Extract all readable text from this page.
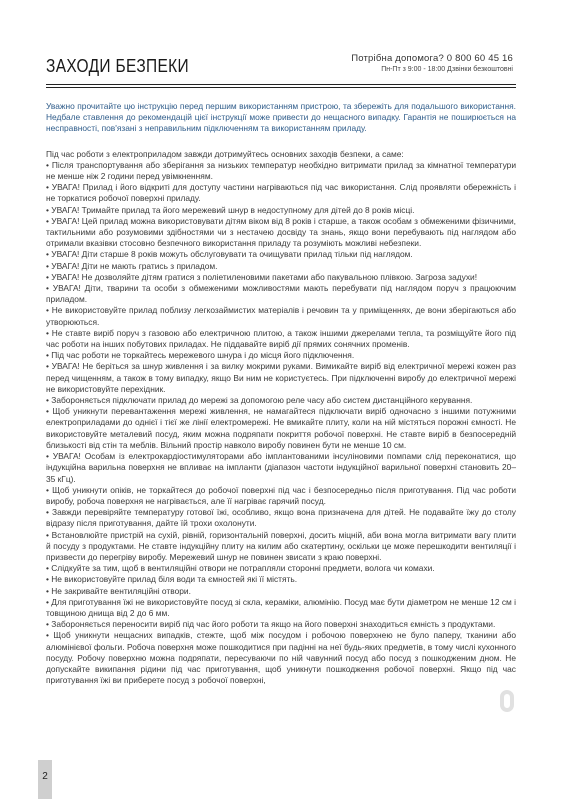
ЗАХОДИ БЕЗПЕКИ	Потрібна допомога? 0 800 60 45 16
Пн-Пт з 9:00 - 18:00 Дзвінки безкоштовні

Уважно прочитайте цю інструкцію перед першим використанням пристрою, та збережіть для подальшого використання. Недбале ставлення до рекомендацій цієї інструкції може привести до нещасного випадку. Гарантія не поширюється на несправності, пов'язані з неправильним підключенням та використанням приладу.

Під час роботи з електроприладом завжди дотримуйтесь основних заходів безпеки, а саме:

• Після транспортування або зберігання за низьких температур необхідно витримати прилад за кімнатної температури не менше ніж 2 години перед увімкненням.
• УВАГА! Прилад і його відкриті для доступу частини нагріваються під час використання. Слід проявляти обережність і не торкатися робочої поверхні приладу.
• УВАГА! Тримайте прилад та його мережевий шнур в недоступному для дітей до 8 років місці.
• УВАГА! Цей прилад можна використовувати дітям віком від 8 років і старше, а також особам з обмеженими фізичними, тактильними або розумовими здібностями чи з нестачею досвіду та знань, якщо вони перебувають під наглядом або отримали вказівки стосовно безпечного використання приладу та розуміють можливі небезпеки.
• УВАГА! Діти старше 8 років можуть обслуговувати та очищувати прилад тільки під наглядом.
• УВАГА! Діти не мають гратись з приладом.
• УВАГА! Не дозволяйте дітям гратися з поліетиленовими пакетами або пакувальною плівкою. Загроза задухи!
• УВАГА! Діти, тварини та особи з обмеженими можливостями мають перебувати під наглядом поруч з працюючим приладом.
• Не використовуйте прилад поблизу легкозаймистих матеріалів і речовин та у приміщеннях, де вони зберігаються або утворюються.
• Не ставте виріб поруч з газовою або електричною плитою, а також іншими джерелами тепла, та розміщуйте його під час роботи на інших побутових приладах. Не піддавайте виріб дії прямих сонячних променів.
• Під час роботи не торкайтесь мережевого шнура і до місця його підключення.
• УВАГА! Не берiться за шнур живлення і за вилку мокрими руками. Вимикайте виріб від електричної мережі кожен раз перед чищенням, а також в тому випадку, якщо Ви ним не користуєтесь. При підключенні виробу до електричної мережі не використовуйте перехідник.
• Забороняється підключати прилад до мережі за допомогою реле часу або систем дистанційного керування.
• Щоб уникнути перевантаження мережі живлення, не намагайтеся підключати виріб одночасно з іншими потужними електроприладами до однієї і тієї же лінії електромережі. Не вмикайте плиту, коли на ній містяться порожні ємності. Не використовуйте металевий посуд, яким можна подряпати покриття робочої поверхні. Не ставте виріб в безпосередній близькості від стін та меблів. Вільний простір навколо виробу повинен бути не менше 10 см.
• УВАГА! Особам із електрокардіостимуляторами або імплантованими інсуліновими помпами слід переконатися, що індукційна варильна поверхня не впливає на імпланти (діапазон частоти індукційної варильної поверхні становить 20–35 кГц).
• Щоб уникнути опіків, не торкайтеся до робочої поверхні під час і безпосередньо після приготування. Під час роботи виробу, робоча поверхня не нагрівається, але її нагріває гарячий посуд.
• Завжди перевіряйте температуру готової їжі, особливо, якщо вона призначена для дітей. Не подавайте їжу до столу відразу після приготування, дайте їй трохи охолонути.
• Встановлюйте пристрій на сухій, рівній, горизонтальній поверхні, досить міцній, аби вона могла витримати вагу плити й посуду з продуктами. Не ставте індукційну плиту на килим або скатертину, оскільки це може перешкодити вентиляції і призвести до перегріву виробу. Мережевий шнур не повинен звисати з краю поверхні.
• Слідкуйте за тим, щоб в вентиляційні отвори не потрапляли сторонні предмети, волога чи комахи.
• Не використовуйте прилад біля води та ємностей які її містять.
• Не закривайте вентиляційні отвори.
• Для приготування їжі не використовуйте посуд зі скла, кераміки, алюмінію. Посуд має бути діаметром не менше 12 см і товщиною днища від 2 до 6 мм.
• Забороняється переносити виріб під час його роботи та якщо на його поверхні знаходиться ємність з продуктами.
• Щоб уникнути нещасних випадків, стежте, щоб між посудом і робочою поверхнею не було паперу, тканини або алюмінієвої фольги. Робоча поверхня може пошкодитися при падінні на неї будь-яких предметів, в тому числі кухонного посуду. Робочу поверхню можна подряпати, пересуваючи по ній чавунний посуд або посуд з пошкодженим дном. Не допускайте википання рідини під час приготування, щоб уникнути пошкодження робочої поверхні. Якщо під час приготування їжі ви приберете посуд з робочої поверхні,
2
